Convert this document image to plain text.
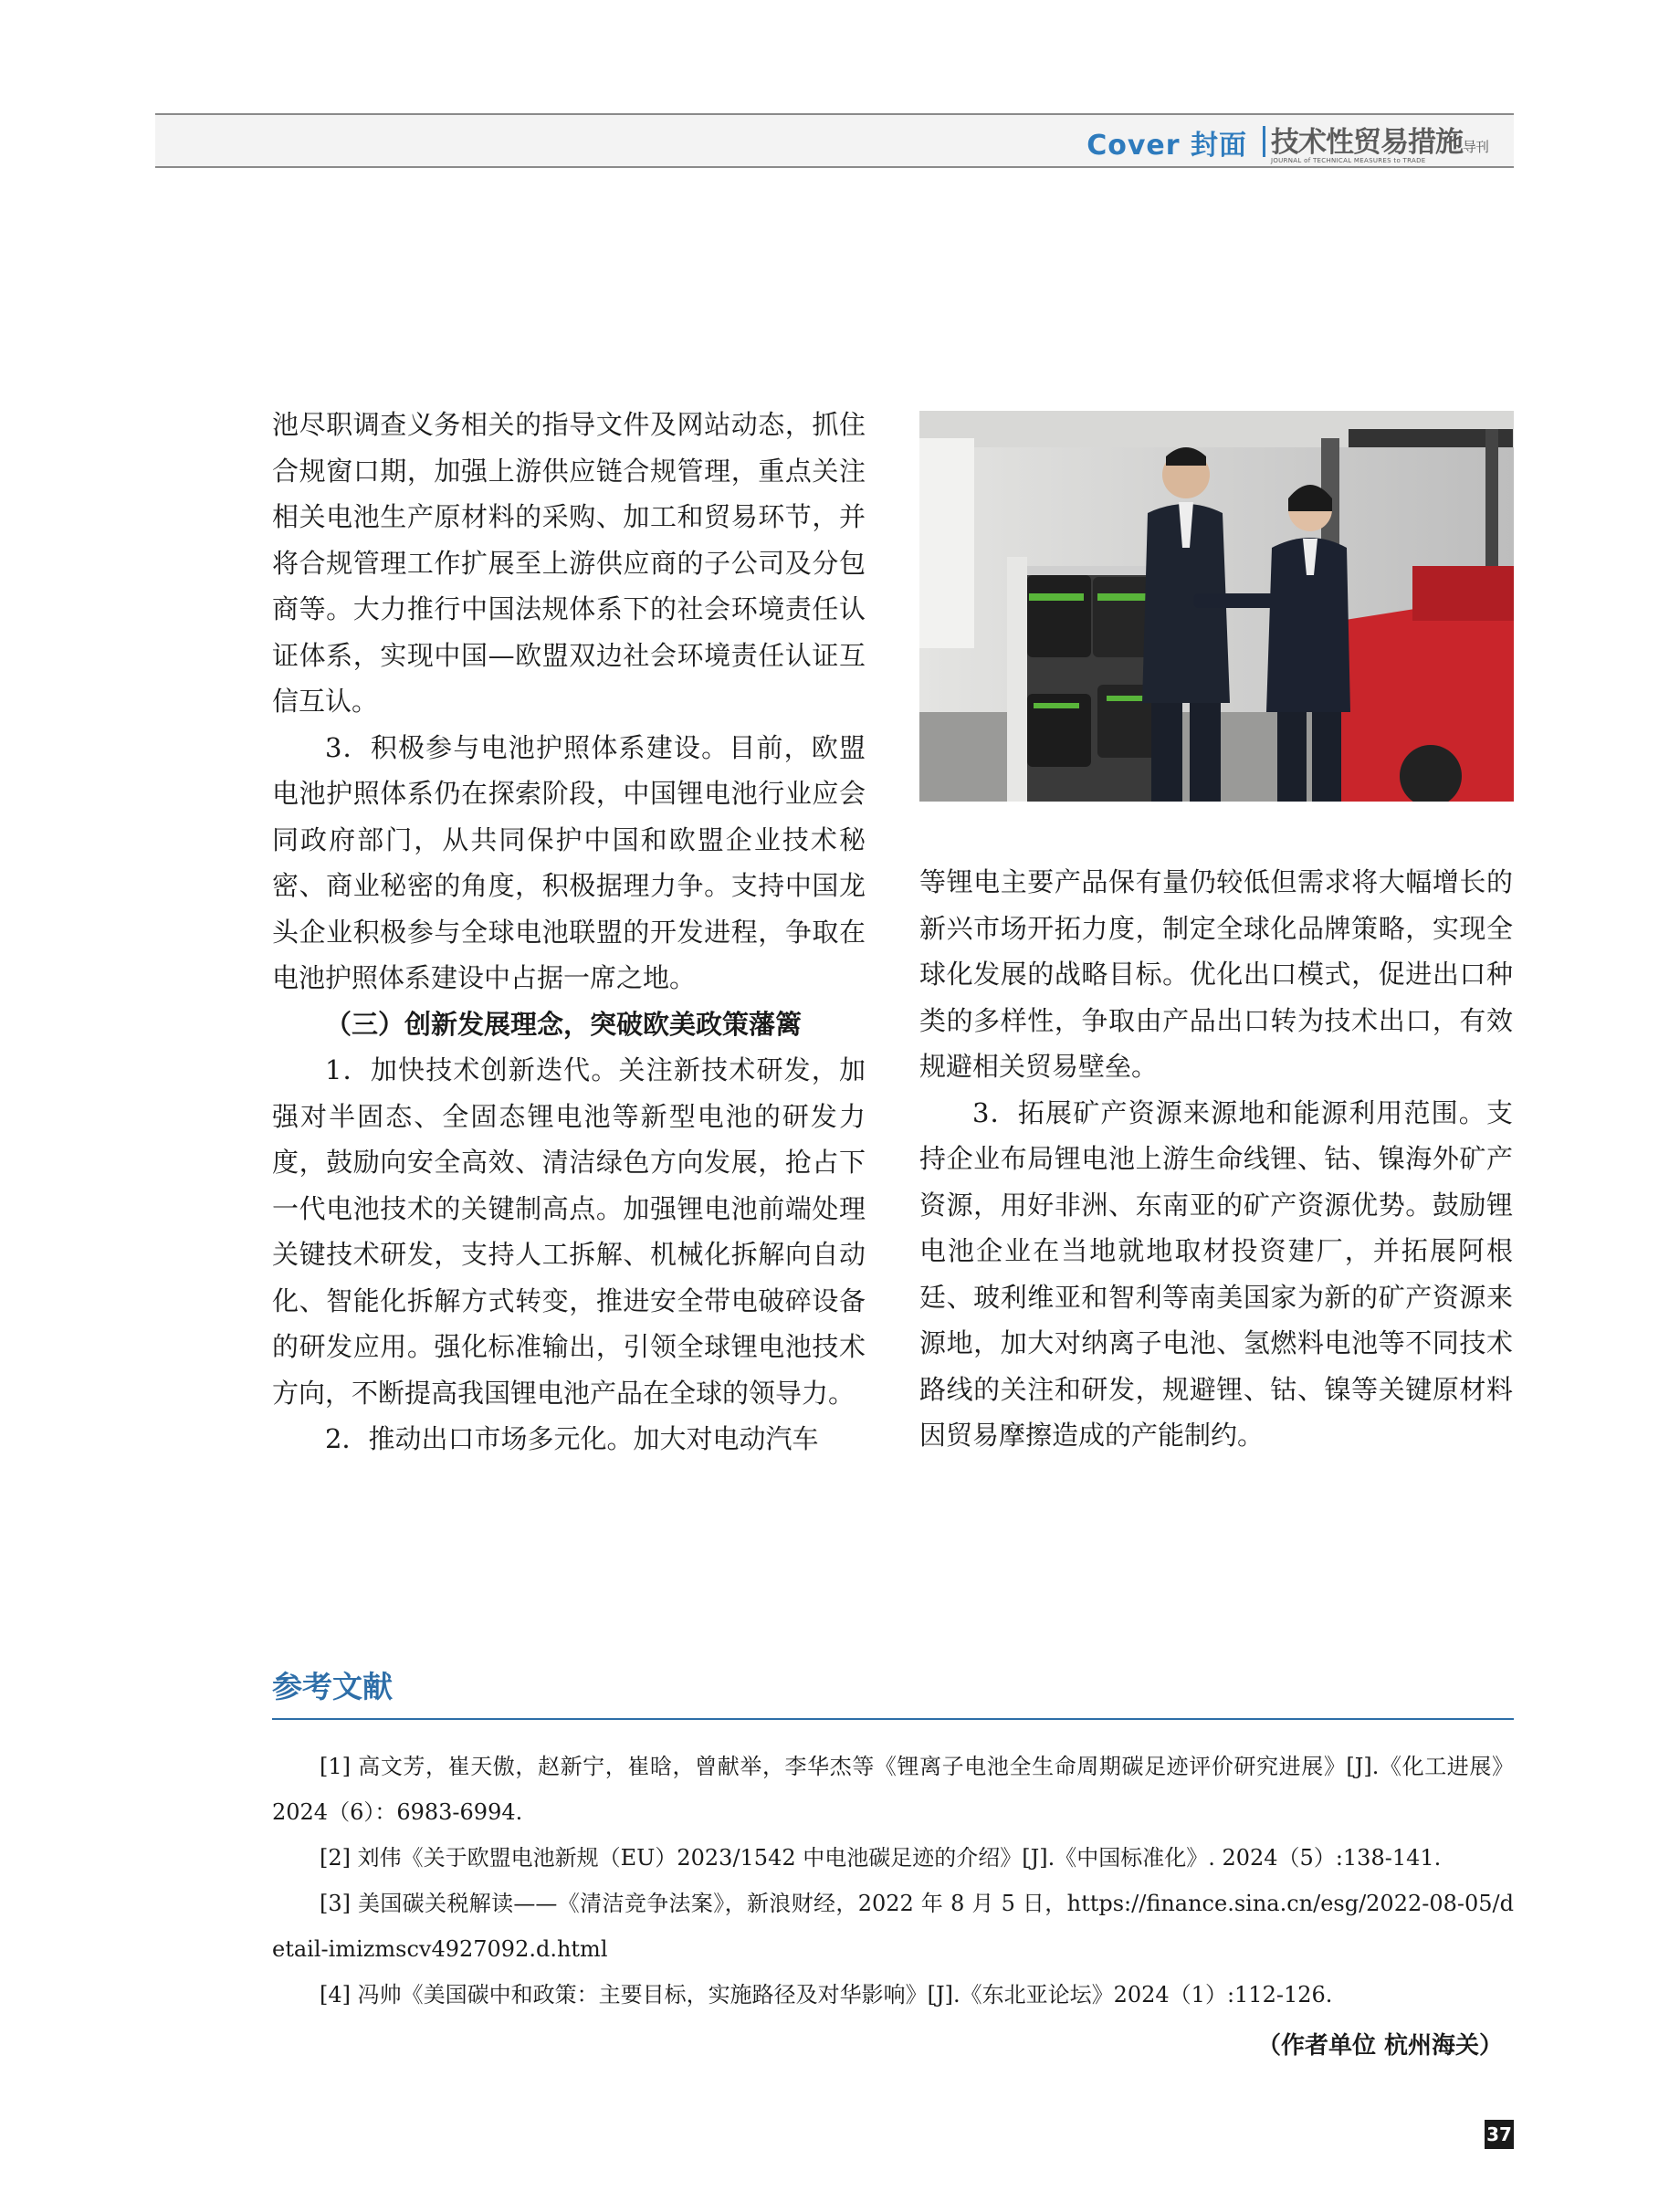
Cover 封面 技术性贸易措施导刊
JOURNAL of TECHNICAL MEASURES to TRADE

池尽职调查义务相关的指导文件及网站动态，抓住合规窗口期，加强上游供应链合规管理，重点关注相关电池生产原材料的采购、加工和贸易环节，并将合规管理工作扩展至上游供应商的子公司及分包商等。大力推行中国法规体系下的社会环境责任认证体系，实现中国—欧盟双边社会环境责任认证互信互认。

3．积极参与电池护照体系建设。目前，欧盟电池护照体系仍在探索阶段，中国锂电池行业应会同政府部门，从共同保护中国和欧盟企业技术秘密、商业秘密的角度，积极据理力争。支持中国龙头企业积极参与全球电池联盟的开发进程，争取在电池护照体系建设中占据一席之地。

（三）创新发展理念，突破欧美政策藩篱

1．加快技术创新迭代。关注新技术研发，加强对半固态、全固态锂电池等新型电池的研发力度，鼓励向安全高效、清洁绿色方向发展，抢占下一代电池技术的关键制高点。加强锂电池前端处理关键技术研发，支持人工拆解、机械化拆解向自动化、智能化拆解方式转变，推进安全带电破碎设备的研发应用。强化标准输出，引领全球锂电池技术方向，不断提高我国锂电池产品在全球的领导力。

2．推动出口市场多元化。加大对电动汽车

等锂电主要产品保有量仍较低但需求将大幅增长的新兴市场开拓力度，制定全球化品牌策略，实现全球化发展的战略目标。优化出口模式，促进出口种类的多样性，争取由产品出口转为技术出口，有效规避相关贸易壁垒。

3．拓展矿产资源来源地和能源利用范围。支持企业布局锂电池上游生命线锂、钴、镍海外矿产资源，用好非洲、东南亚的矿产资源优势。鼓励锂电池企业在当地就地取材投资建厂，并拓展阿根廷、玻利维亚和智利等南美国家为新的矿产资源来源地，加大对纳离子电池、氢燃料电池等不同技术路线的关注和研发，规避锂、钴、镍等关键原材料因贸易摩擦造成的产能制约。

参考文献

[1] 高文芳，崔天傲，赵新宁，崔晗，曾献举，李华杰等《锂离子电池全生命周期碳足迹评价研究进展》[J].《化工进展》2024（6）：6983-6994.

[2] 刘伟《关于欧盟电池新规（EU）2023/1542 中电池碳足迹的介绍》[J].《中国标准化》. 2024（5）:138-141.

[3] 美国碳关税解读——《清洁竞争法案》，新浪财经，2022 年 8 月 5 日，https://finance.sina.cn/esg/2022-08-05/detail-imizmscv4927092.d.html

[4] 冯帅《美国碳中和政策：主要目标，实施路径及对华影响》[J].《东北亚论坛》2024（1）:112-126.

（作者单位 杭州海关）
37
